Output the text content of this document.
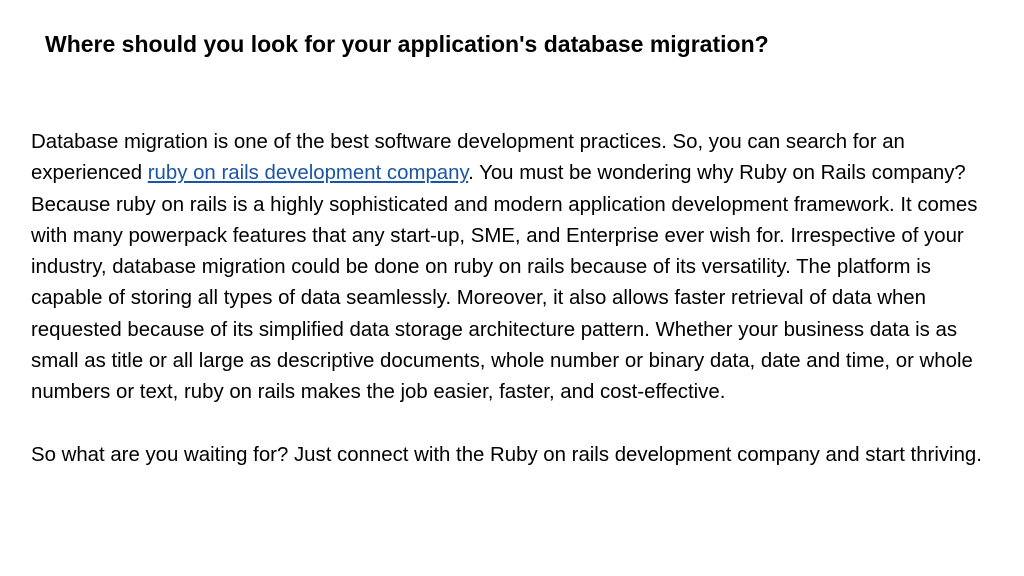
Where should you look for your application's database migration?

Database migration is one of the best software development practices. So, you can search for an experienced ruby on rails development company. You must be wondering why Ruby on Rails company? Because ruby on rails is a highly sophisticated and modern application development framework. It comes with many powerpack features that any start-up, SME, and Enterprise ever wish for. Irrespective of your industry, database migration could be done on ruby on rails because of its versatility. The platform is capable of storing all types of data seamlessly. Moreover, it also allows faster retrieval of data when requested because of its simplified data storage architecture pattern. Whether your business data is as small as title or all large as descriptive documents, whole number or binary data, date and time, or whole numbers or text, ruby on rails makes the job easier, faster, and cost-effective.

So what are you waiting for? Just connect with the Ruby on rails development company and start thriving.
